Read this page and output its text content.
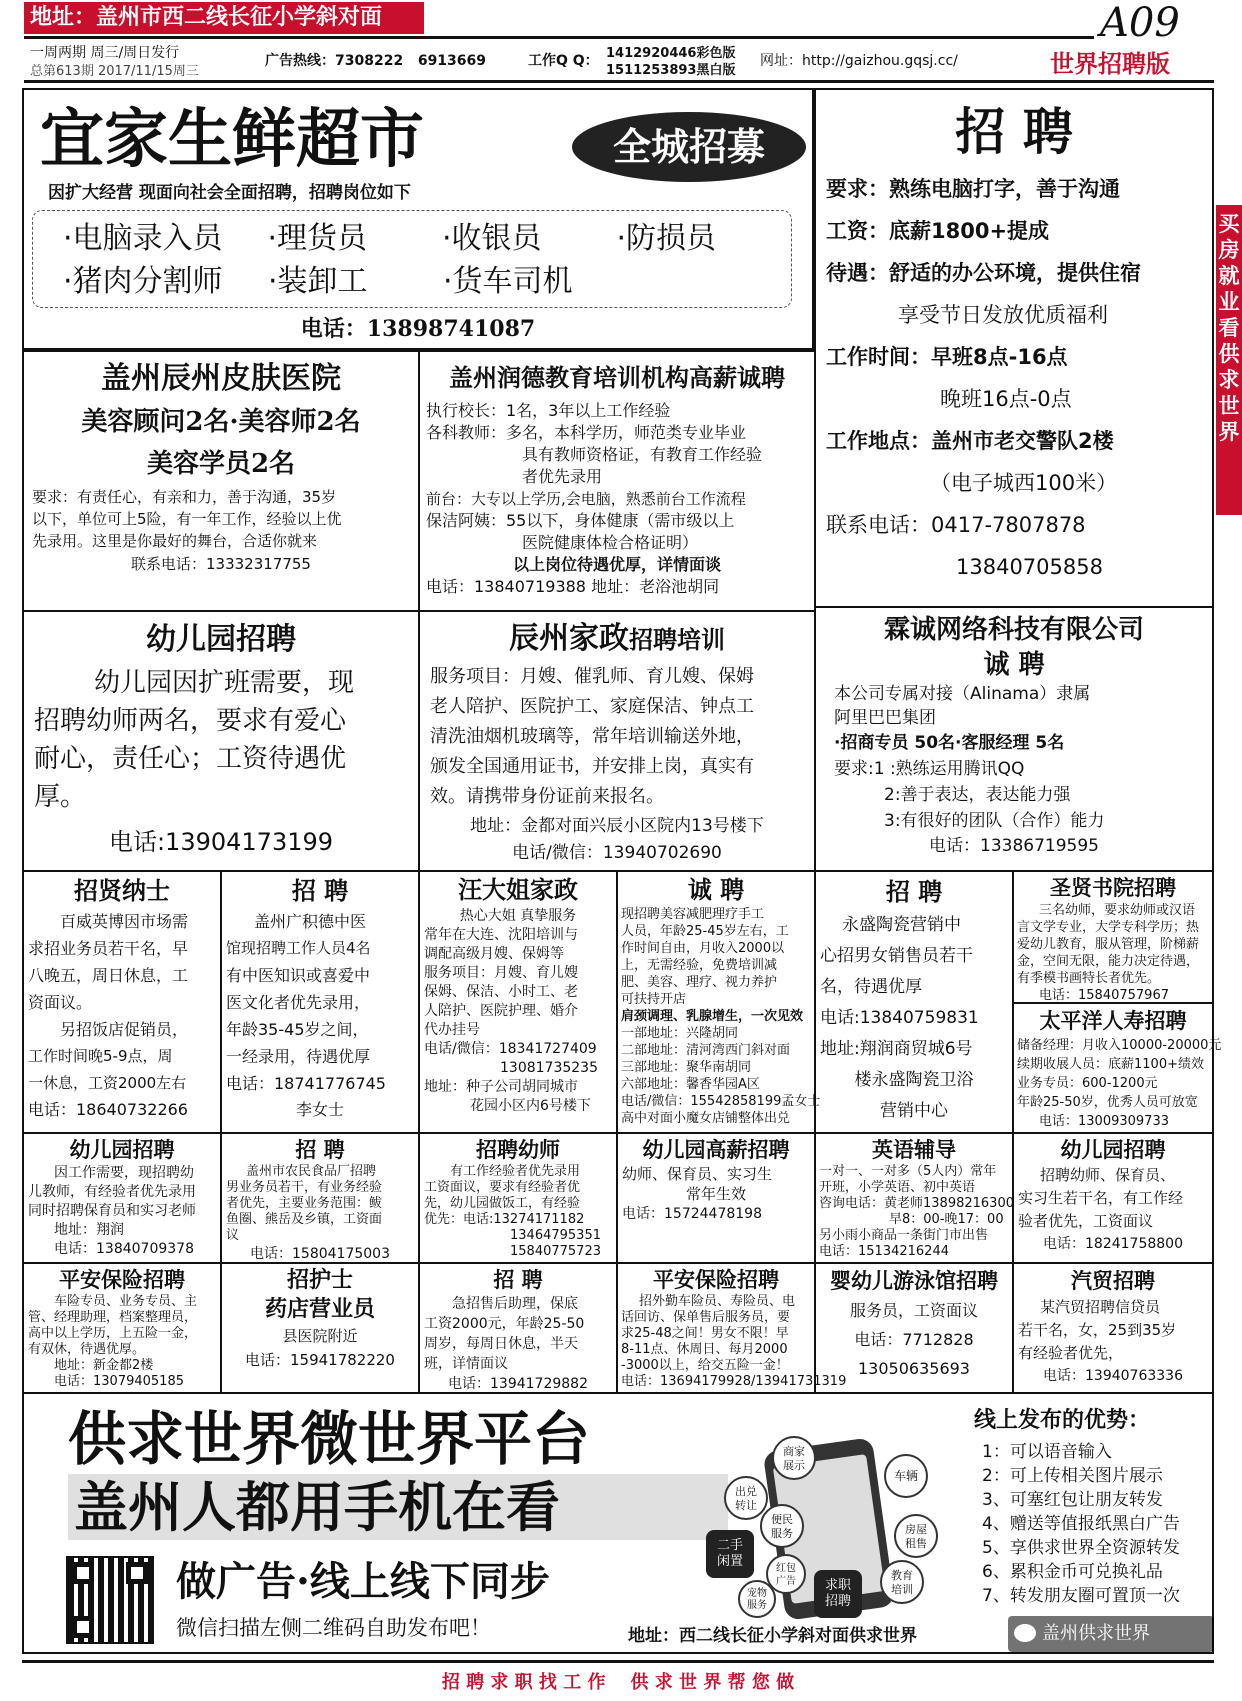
地址：盖州市西二线长征小学斜对面	A09
世界招聘版
一周两期 周三/周日发行
总第613期 2017/11/15周三
广告热线：7308222 6913669	工作Q Q： 1412920446彩色版
1511253893黑白版
网址：http://gaizhou.gqsj.cc/
买房就业 看供求世界
宜家生鲜超市	全城招募
因扩大经营 现面向社会全面招聘，招聘岗位如下
·电脑录入员	·理货员	·收银员	·防损员
·猪肉分割师	·装卸工	·货车司机
电话：13898741087
招 聘
要求：熟练电脑打字，善于沟通
工资：底薪1800+提成
待遇：舒适的办公环境，提供住宿
享受节日发放优质福利
工作时间：早班8点-16点
晚班16点-0点
工作地点：盖州市老交警队2楼
（电子城西100米）
联系电话：0417-7807878
13840705858
盖州辰州皮肤医院
美容顾问2名·美容师2名
美容学员2名
要求：有责任心，有亲和力，善于沟通，35岁
以下，单位可上5险，有一年工作，经验以上优
先录用。这里是你最好的舞台，合适你就来
联系电话：13332317755
盖州润德教育培训机构高薪诚聘
执行校长：1名，3年以上工作经验
各科教师：多名，本科学历，师范类专业毕业
具有教师资格证，有教育工作经验
者优先录用
前台：大专以上学历,会电脑，熟悉前台工作流程
保洁阿姨：55以下，身体健康（需市级以上
医院健康体检合格证明）
以上岗位待遇优厚，详情面谈
电话：13840719388 地址：老浴池胡同
幼儿园招聘
幼儿园因扩班需要，现
招聘幼师两名，要求有爱心
耐心，责任心；工资待遇优
厚。
电话:13904173199
辰州家政招聘培训
服务项目：月嫂、催乳师、育儿嫂、保姆
老人陪护、医院护工、家庭保洁、钟点工
清洗油烟机玻璃等，常年培训输送外地，
颁发全国通用证书，并安排上岗，真实有
效。请携带身份证前来报名。
地址：金都对面兴辰小区院内13号楼下
电话/微信：13940702690
霖诚网络科技有限公司
诚 聘
本公司专属对接（Alinama）隶属
阿里巴巴集团
·招商专员 50名·客服经理 5名
要求:1 :熟练运用腾讯QQ
2:善于表达，表达能力强
3:有很好的团队（合作）能力
电话：13386719595
招贤纳士
百威英博因市场需
求招业务员若干名，早
八晚五，周日休息，工
资面议。
另招饭店促销员，
工作时间晚5-9点，周
一休息，工资2000左右
电话：18640732266
招 聘
盖州广积德中医
馆现招聘工作人员4名
有中医知识或喜爱中
医文化者优先录用，
年龄35-45岁之间，
一经录用，待遇优厚
电话：18741776745
李女士
汪大姐家政
热心大姐 真挚服务
常年在大连、沈阳培训与
调配高级月嫂、保姆等
服务项目：月嫂、育儿嫂
保姆、保洁、小时工、老
人陪护、医院护理、婚介
代办挂号
电话/微信：18341727409
13081735235
地址：种子公司胡同城市
花园小区内6号楼下
诚 聘
现招聘美容减肥理疗手工
人员，年龄25-45岁左右，工
作时间自由，月收入2000以
上，无需经验，免费培训减
肥、美容、理疗、视力养护
可扶持开店
肩颈调理、乳腺增生，一次见效
一部地址：兴隆胡同
二部地址：清河湾西门斜对面
三部地址：聚华南胡同
六部地址：馨香华园A区
电话/微信：15542858199孟女士
高中对面小魔女店铺整体出兑
招 聘
永盛陶瓷营销中
心招男女销售员若干
名，待遇优厚
电话:13840759831
地址:翔润商贸城6号
楼永盛陶瓷卫浴
营销中心
圣贤书院招聘
三名幼师，要求幼师或汉语
言文学专业，大学专科学历；热
爱幼儿教育，服从管理，阶梯薪
金，空间无限，能力决定待遇，
有季模书画特长者优先。
电话：15840757967
太平洋人寿招聘
储备经理：月收入10000-20000元
续期收展人员：底薪1100+绩效
业务专员：600-1200元
年龄25-50岁，优秀人员可放宽
电话：13009309733
幼儿园招聘
因工作需要，现招聘幼
儿教师，有经验者优先录用
同时招聘保育员和实习老师
地址：翔润
电话：13840709378
招 聘
盖州市农民食品厂招聘
男业务员若干，有业务经验
者优先，主要业务范围：鲅
鱼圈、熊岳及乡镇，工资面
议
电话：15804175003
招聘幼师
有工作经验者优先录用
工资面议，要求有经验者优
先，幼儿园做饭工，有经验
优先：电话:13274171182
13464795351
15840775723
幼儿园高薪招聘
幼师、保育员、实习生
常年生效
电话：15724478198
英语辅导
一对一、一对多（5人内）常年
开班，小学英语、初中英语
咨询电话：黄老师13898216300
早8：00-晚17：00
另小雨小商品一条街门市出售
电话：15134216244
幼儿园招聘
招聘幼师、保育员、
实习生若干名，有工作经
验者优先，工资面议
电话：18241758800
平安保险招聘
车险专员、业务专员、主
管、经理助理，档案整理员，
高中以上学历，上五险一金，
有双休，待遇优厚。
地址：新金都2楼
电话：13079405185
招护士
药店营业员
县医院附近
电话：15941782220
招 聘
急招售后助理，保底
工资2000元，年龄25-50
周岁，每周日休息，半天
班，详情面议
电话：13941729882
平安保险招聘
招外勤车险员、寿险员、电
话回访、保单售后服务员，要
求25-48之间！男女不限！早
8-11点、休周日、每月2000
-3000以上，给交五险一金！
电话：13694179928/13941731319
婴幼儿游泳馆招聘
服务员，工资面议
电话：7712828
13050635693
汽贸招聘
某汽贸招聘信贷员
若干名，女，25到35岁
有经验者优先，
电话：13940763336
供求世界微世界平台
盖州人都用手机在看
做广告·线上线下同步
微信扫描左侧二维码自助发布吧！
出兑转让
商家展示
车辆
便民服务	房屋租售
二手闲置	红包广告	教育培训
宠物服务
求职招聘
线上发布的优势：
1：可以语音输入
2：可上传相关图片展示
3、可塞红包让朋友转发
4、赠送等值报纸黑白广告
5、享供求世界全资源转发
6、累积金币可兑换礼品
7、转发朋友圈可置顶一次
地址：西二线长征小学斜对面供求世界	盖州供求世界
招 聘 求 职 找 工 作    供 求 世 界 帮 您 做
